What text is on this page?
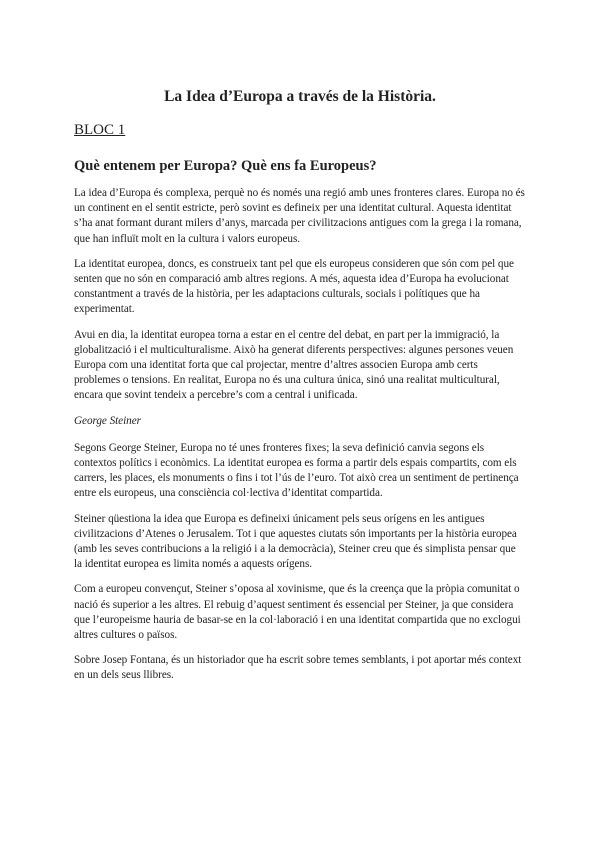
La Idea d’Europa a través de la Història.
BLOC 1
Què entenem per Europa? Què ens fa Europeus?

La idea d’Europa és complexa, perquè no és només una regió amb unes fronteres clares. Europa no és un continent en el sentit estricte, però sovint es defineix per una identitat cultural. Aquesta identitat s’ha anat formant durant milers d’anys, marcada per civilitzacions antigues com la grega i la romana, que han influït molt en la cultura i valors europeus.

La identitat europea, doncs, es construeix tant pel que els europeus consideren que són com pel que senten que no són en comparació amb altres regions. A més, aquesta idea d’Europa ha evolucionat constantment a través de la història, per les adaptacions culturals, socials i polítiques que ha experimentat.

Avui en dia, la identitat europea torna a estar en el centre del debat, en part per la immigració, la globalització i el multiculturalisme. Això ha generat diferents perspectives: algunes persones veuen Europa com una identitat forta que cal projectar, mentre d’altres associen Europa amb certs problemes o tensions. En realitat, Europa no és una cultura única, sinó una realitat multicultural, encara que sovint tendeix a percebre’s com a central i unificada.

George Steiner

Segons George Steiner, Europa no té unes fronteres fixes; la seva definició canvia segons els contextos polítics i econòmics. La identitat europea es forma a partir dels espais compartits, com els carrers, les places, els monuments o fins i tot l’ús de l’euro. Tot això crea un sentiment de pertinença entre els europeus, una consciència col·lectiva d’identitat compartida.

Steiner qüestiona la idea que Europa es defineixi únicament pels seus orígens en les antigues civilitzacions d’Atenes o Jerusalem. Tot i que aquestes ciutats són importants per la història europea (amb les seves contribucions a la religió i a la democràcia), Steiner creu que és simplista pensar que la identitat europea es limita només a aquests orígens.

Com a europeu convençut, Steiner s’oposa al xovinisme, que és la creença que la pròpia comunitat o nació és superior a les altres. El rebuig d’aquest sentiment és essencial per Steiner, ja que considera que l’europeisme hauria de basar-se en la col·laboració i en una identitat compartida que no exclogui altres cultures o països.

Sobre Josep Fontana, és un historiador que ha escrit sobre temes semblants, i pot aportar més context en un dels seus llibres.
